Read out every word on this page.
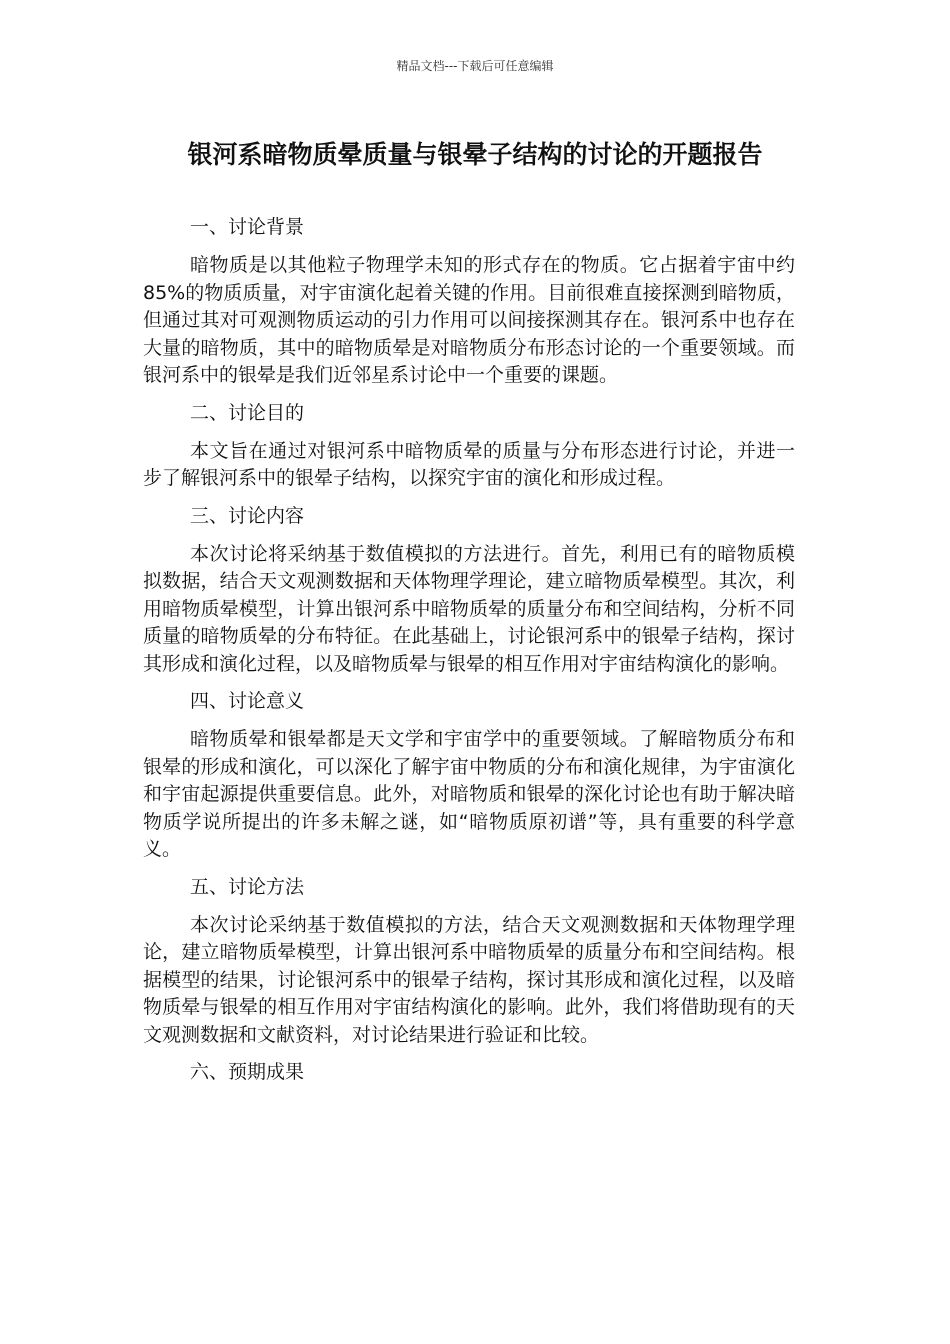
精品文档---下载后可任意编辑
银河系暗物质晕质量与银晕子结构的讨论的开题报告
一、讨论背景

暗物质是以其他粒子物理学未知的形式存在的物质。它占据着宇宙中约 85%的物质质量，对宇宙演化起着关键的作用。目前很难直接探测到暗物质，但通过其对可观测物质运动的引力作用可以间接探测其存在。银河系中也存在大量的暗物质，其中的暗物质晕是对暗物质分布形态讨论的一个重要领域。而银河系中的银晕是我们近邻星系讨论中一个重要的课题。

二、讨论目的

本文旨在通过对银河系中暗物质晕的质量与分布形态进行讨论，并进一步了解银河系中的银晕子结构，以探究宇宙的演化和形成过程。

三、讨论内容

本次讨论将采纳基于数值模拟的方法进行。首先，利用已有的暗物质模拟数据，结合天文观测数据和天体物理学理论，建立暗物质晕模型。其次，利用暗物质晕模型，计算出银河系中暗物质晕的质量分布和空间结构，分析不同质量的暗物质晕的分布特征。在此基础上，讨论银河系中的银晕子结构，探讨其形成和演化过程，以及暗物质晕与银晕的相互作用对宇宙结构演化的影响。

四、讨论意义

暗物质晕和银晕都是天文学和宇宙学中的重要领域。了解暗物质分布和银晕的形成和演化，可以深化了解宇宙中物质的分布和演化规律，为宇宙演化和宇宙起源提供重要信息。此外，对暗物质和银晕的深化讨论也有助于解决暗物质学说所提出的许多未解之谜，如“暗物质原初谱”等，具有重要的科学意义。

五、讨论方法

本次讨论采纳基于数值模拟的方法，结合天文观测数据和天体物理学理论，建立暗物质晕模型，计算出银河系中暗物质晕的质量分布和空间结构。根据模型的结果，讨论银河系中的银晕子结构，探讨其形成和演化过程，以及暗物质晕与银晕的相互作用对宇宙结构演化的影响。此外，我们将借助现有的天文观测数据和文献资料，对讨论结果进行验证和比较。

六、预期成果
